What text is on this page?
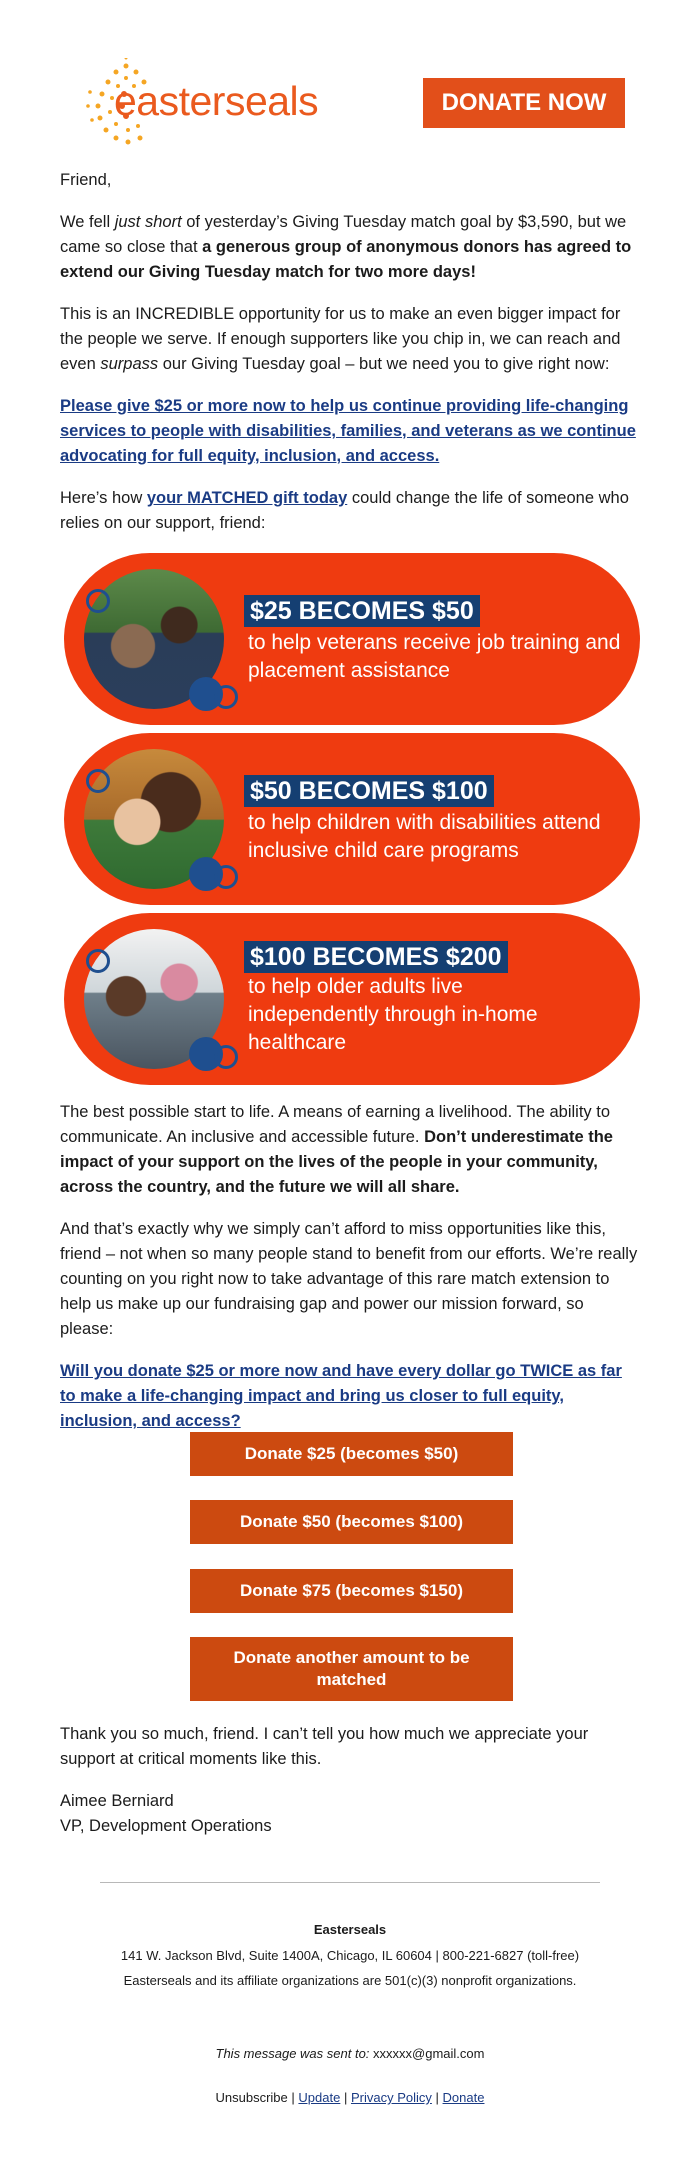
easterseals	DONATE NOW

Friend,

We fell just short of yesterday’s Giving Tuesday match goal by $3,590, but we came so close that a generous group of anonymous donors has agreed to extend our Giving Tuesday match for two more days!

This is an INCREDIBLE opportunity for us to make an even bigger impact for the people we serve. If enough supporters like you chip in, we can reach and even surpass our Giving Tuesday goal – but we need you to give right now:

Please give $25 or more now to help us continue providing life-changing services to people with disabilities, families, and veterans as we continue advocating for full equity, inclusion, and access.

Here’s how your MATCHED gift today could change the life of someone who relies on our support, friend:

$25 BECOMES $50
to help veterans receive job training and placement assistance
$50 BECOMES $100
to help children with disabilities attend inclusive child care programs
$100 BECOMES $200
to help older adults live independently through in-home healthcare

The best possible start to life. A means of earning a livelihood. The ability to communicate. An inclusive and accessible future. Don’t underestimate the impact of your support on the lives of the people in your community, across the country, and the future we will all share.

And that’s exactly why we simply can’t afford to miss opportunities like this, friend – not when so many people stand to benefit from our efforts. We’re really counting on you right now to take advantage of this rare match extension to help us make up our fundraising gap and power our mission forward, so please:

Will you donate $25 or more now and have every dollar go TWICE as far to make a life-changing impact and bring us closer to full equity, inclusion, and access?

Donate $25 (becomes $50)
Donate $50 (becomes $100)
Donate $75 (becomes $150)
Donate another amount to be matched

Thank you so much, friend. I can’t tell you how much we appreciate your support at critical moments like this.

Aimee Berniard
VP, Development Operations
Easterseals
141 W. Jackson Blvd, Suite 1400A, Chicago, IL 60604 | 800-221-6827 (toll-free)
Easterseals and its affiliate organizations are 501(c)(3) nonprofit organizations.
This message was sent to: xxxxxx@gmail.com
Unsubscribe | Update | Privacy Policy | Donate
